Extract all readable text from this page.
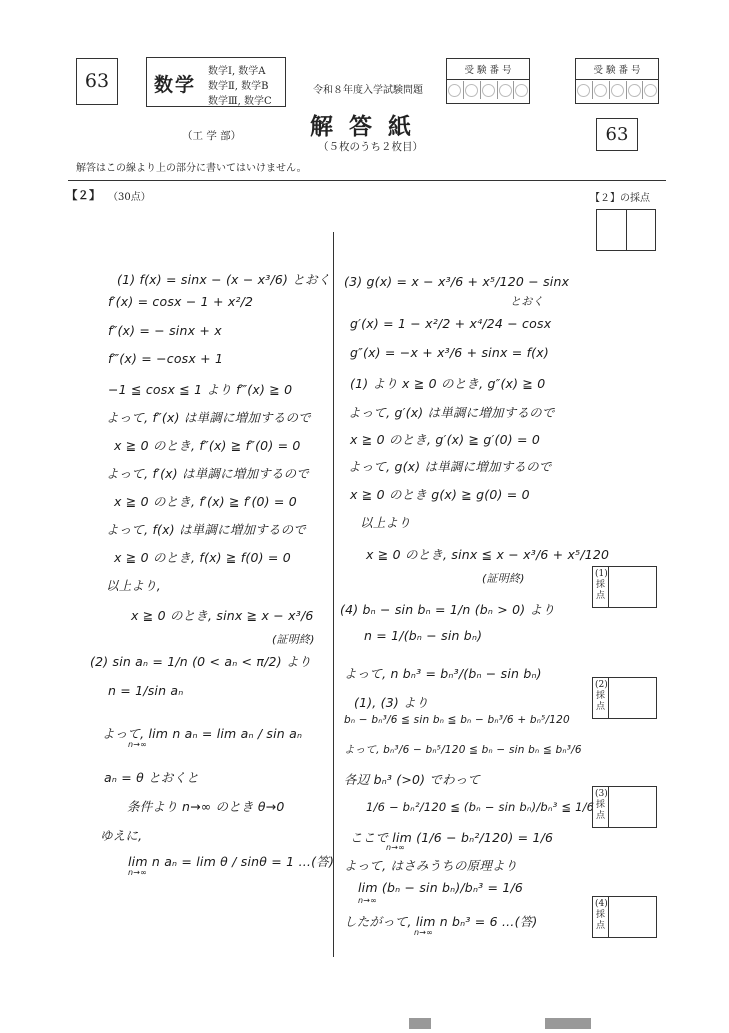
63	数学
数学Ⅰ, 数学A
数学Ⅱ, 数学B
数学Ⅲ, 数学C
（工 学 部）
令和８年度入学試験問題
解 答 紙
（５枚のうち２枚目）
受 験 番 号	受 験 番 号
63
解答はこの線より上の部分に書いてはいけません。
【２】 （30点）	【２】の採点
(1) f(x) = sinx − (x − x³/6) とおく
f′(x) = cosx − 1 + x²/2
f″(x) = − sinx + x
f‴(x) = −cosx + 1
−1 ≦ cosx ≦ 1 より f‴(x) ≧ 0
よって, f″(x) は単調に増加するので
x ≧ 0 のとき, f″(x) ≧ f″(0) = 0
よって, f′(x) は単調に増加するので
x ≧ 0 のとき, f′(x) ≧ f′(0) = 0
よって, f(x) は単調に増加するので
x ≧ 0 のとき, f(x) ≧ f(0) = 0
以上より,
x ≧ 0 のとき, sinx ≧ x − x³/6
(証明終)
(2) sin aₙ = 1/n (0 < aₙ < π/2) より
n = 1/sin aₙ
よって, lim n aₙ = lim aₙ / sin aₙ
n→∞
aₙ = θ とおくと
条件より n→∞ のとき θ→0
ゆえに,
lim n aₙ = lim θ / sinθ = 1 …(答)
n→∞
(3) g(x) = x − x³/6 + x⁵/120 − sinx
とおく
g′(x) = 1 − x²/2 + x⁴/24 − cosx
g″(x) = −x + x³/6 + sinx = f(x)
(1) より x ≧ 0 のとき, g″(x) ≧ 0
よって, g′(x) は単調に増加するので
x ≧ 0 のとき, g′(x) ≧ g′(0) = 0
よって, g(x) は単調に増加するので
x ≧ 0 のとき g(x) ≧ g(0) = 0
以上より
x ≧ 0 のとき, sinx ≦ x − x³/6 + x⁵/120
(証明終)
(4) bₙ − sin bₙ = 1/n (bₙ > 0) より
n = 1/(bₙ − sin bₙ)
よって, n bₙ³ = bₙ³/(bₙ − sin bₙ)
(1), (3) より
bₙ − bₙ³/6 ≦ sin bₙ ≦ bₙ − bₙ³/6 + bₙ⁵/120
よって, bₙ³/6 − bₙ⁵/120 ≦ bₙ − sin bₙ ≦ bₙ³/6
各辺 bₙ³ (>0) でわって
1/6 − bₙ²/120 ≦ (bₙ − sin bₙ)/bₙ³ ≦ 1/6
ここで lim (1/6 − bₙ²/120) = 1/6
n→∞
よって, はさみうちの原理より
lim (bₙ − sin bₙ)/bₙ³ = 1/6
n→∞
したがって, lim n bₙ³ = 6 …(答)
n→∞
(1)採点
(2)採点
(3)採点
(4)採点
